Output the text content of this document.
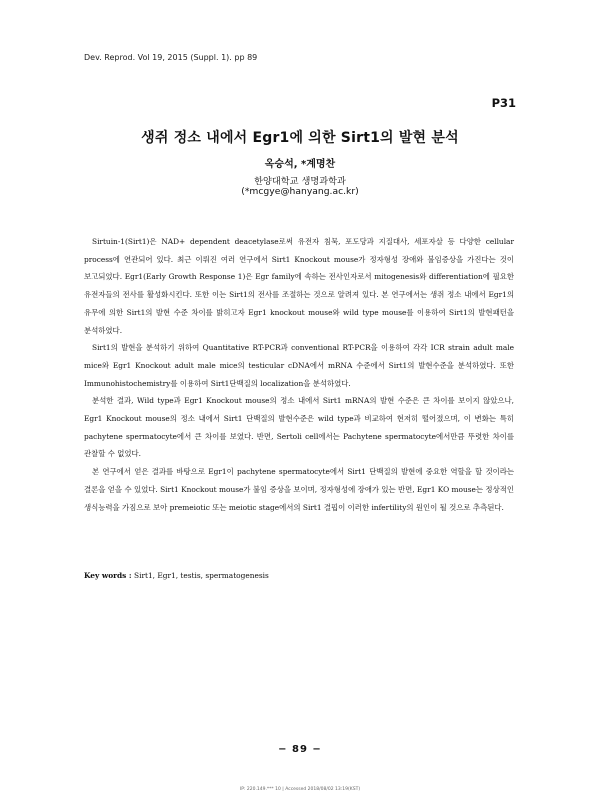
Dev. Reprod. Vol 19, 2015 (Suppl. 1). pp 89
P31
생쥐 정소 내에서 Egr1에 의한 Sirt1의 발현 분석
옥승석, *계명찬
한양대학교 생명과학과
(*mcgye@hanyang.ac.kr)

Sirtuin-1(Sirt1)은 NAD+ dependent deacetylase로써 유전자 침묵, 포도당과 지질대사, 세포자살 등 다양한 cellular process에 연관되어 있다. 최근 이뤄진 여러 연구에서 Sirt1 Knockout mouse가 정자형성 장애와 불임증상을 가진다는 것이 보고되었다. Egr1(Early Growth Response 1)은 Egr family에 속하는 전사인자로서 mitogenesis와 differentiation에 필요한 유전자들의 전사를 활성화시킨다. 또한 이는 Sirt1의 전사를 조절하는 것으로 알려져 있다. 본 연구에서는 생쥐 정소 내에서 Egr1의 유무에 의한 Sirt1의 발현 수준 차이를 밝히고자 Egr1 knockout mouse와 wild type mouse를 이용하여 Sirt1의 발현패턴을 분석하였다.

Sirt1의 발현을 분석하기 위하여 Quantitative RT-PCR과 conventional RT-PCR을 이용하여 각각 ICR strain adult male mice와 Egr1 Knockout adult male mice의 testicular cDNA에서 mRNA 수준에서 Sirt1의 발현수준을 분석하였다. 또한 Immunohistochemistry를 이용하여 Sirt1단백질의 localization을 분석하였다.

분석한 결과, Wild type과 Egr1 Knockout mouse의 정소 내에서 Sirt1 mRNA의 발현 수준은 큰 차이를 보이지 않았으나, Egr1 Knockout mouse의 정소 내에서 Sirt1 단백질의 발현수준은 wild type과 비교하여 현저히 떨어졌으며, 이 변화는 특히 pachytene spermatocyte에서 큰 차이를 보였다. 반면, Sertoli cell에서는 Pachytene spermatocyte에서만큼 뚜렷한 차이를 관찰할 수 없었다.

본 연구에서 얻은 결과를 바탕으로 Egr1이 pachytene spermatocyte에서 Sirt1 단백질의 발현에 중요한 역할을 할 것이라는 결론을 얻을 수 있었다. Sirt1 Knockout mouse가 불임 증상을 보이며, 정자형성에 장애가 있는 반면, Egr1 KO mouse는 정상적인 생식능력을 가짐으로 보아 premeiotic 또는 meiotic stage에서의 Sirt1 결핍이 이러한 infertility의 원인이 될 것으로 추측된다.

Key words : Sirt1, Egr1, testis, spermatogenesis
− 89 −
IP: 220.149.*** 10 | Accessed 2018/08/02 13:19(KST)
